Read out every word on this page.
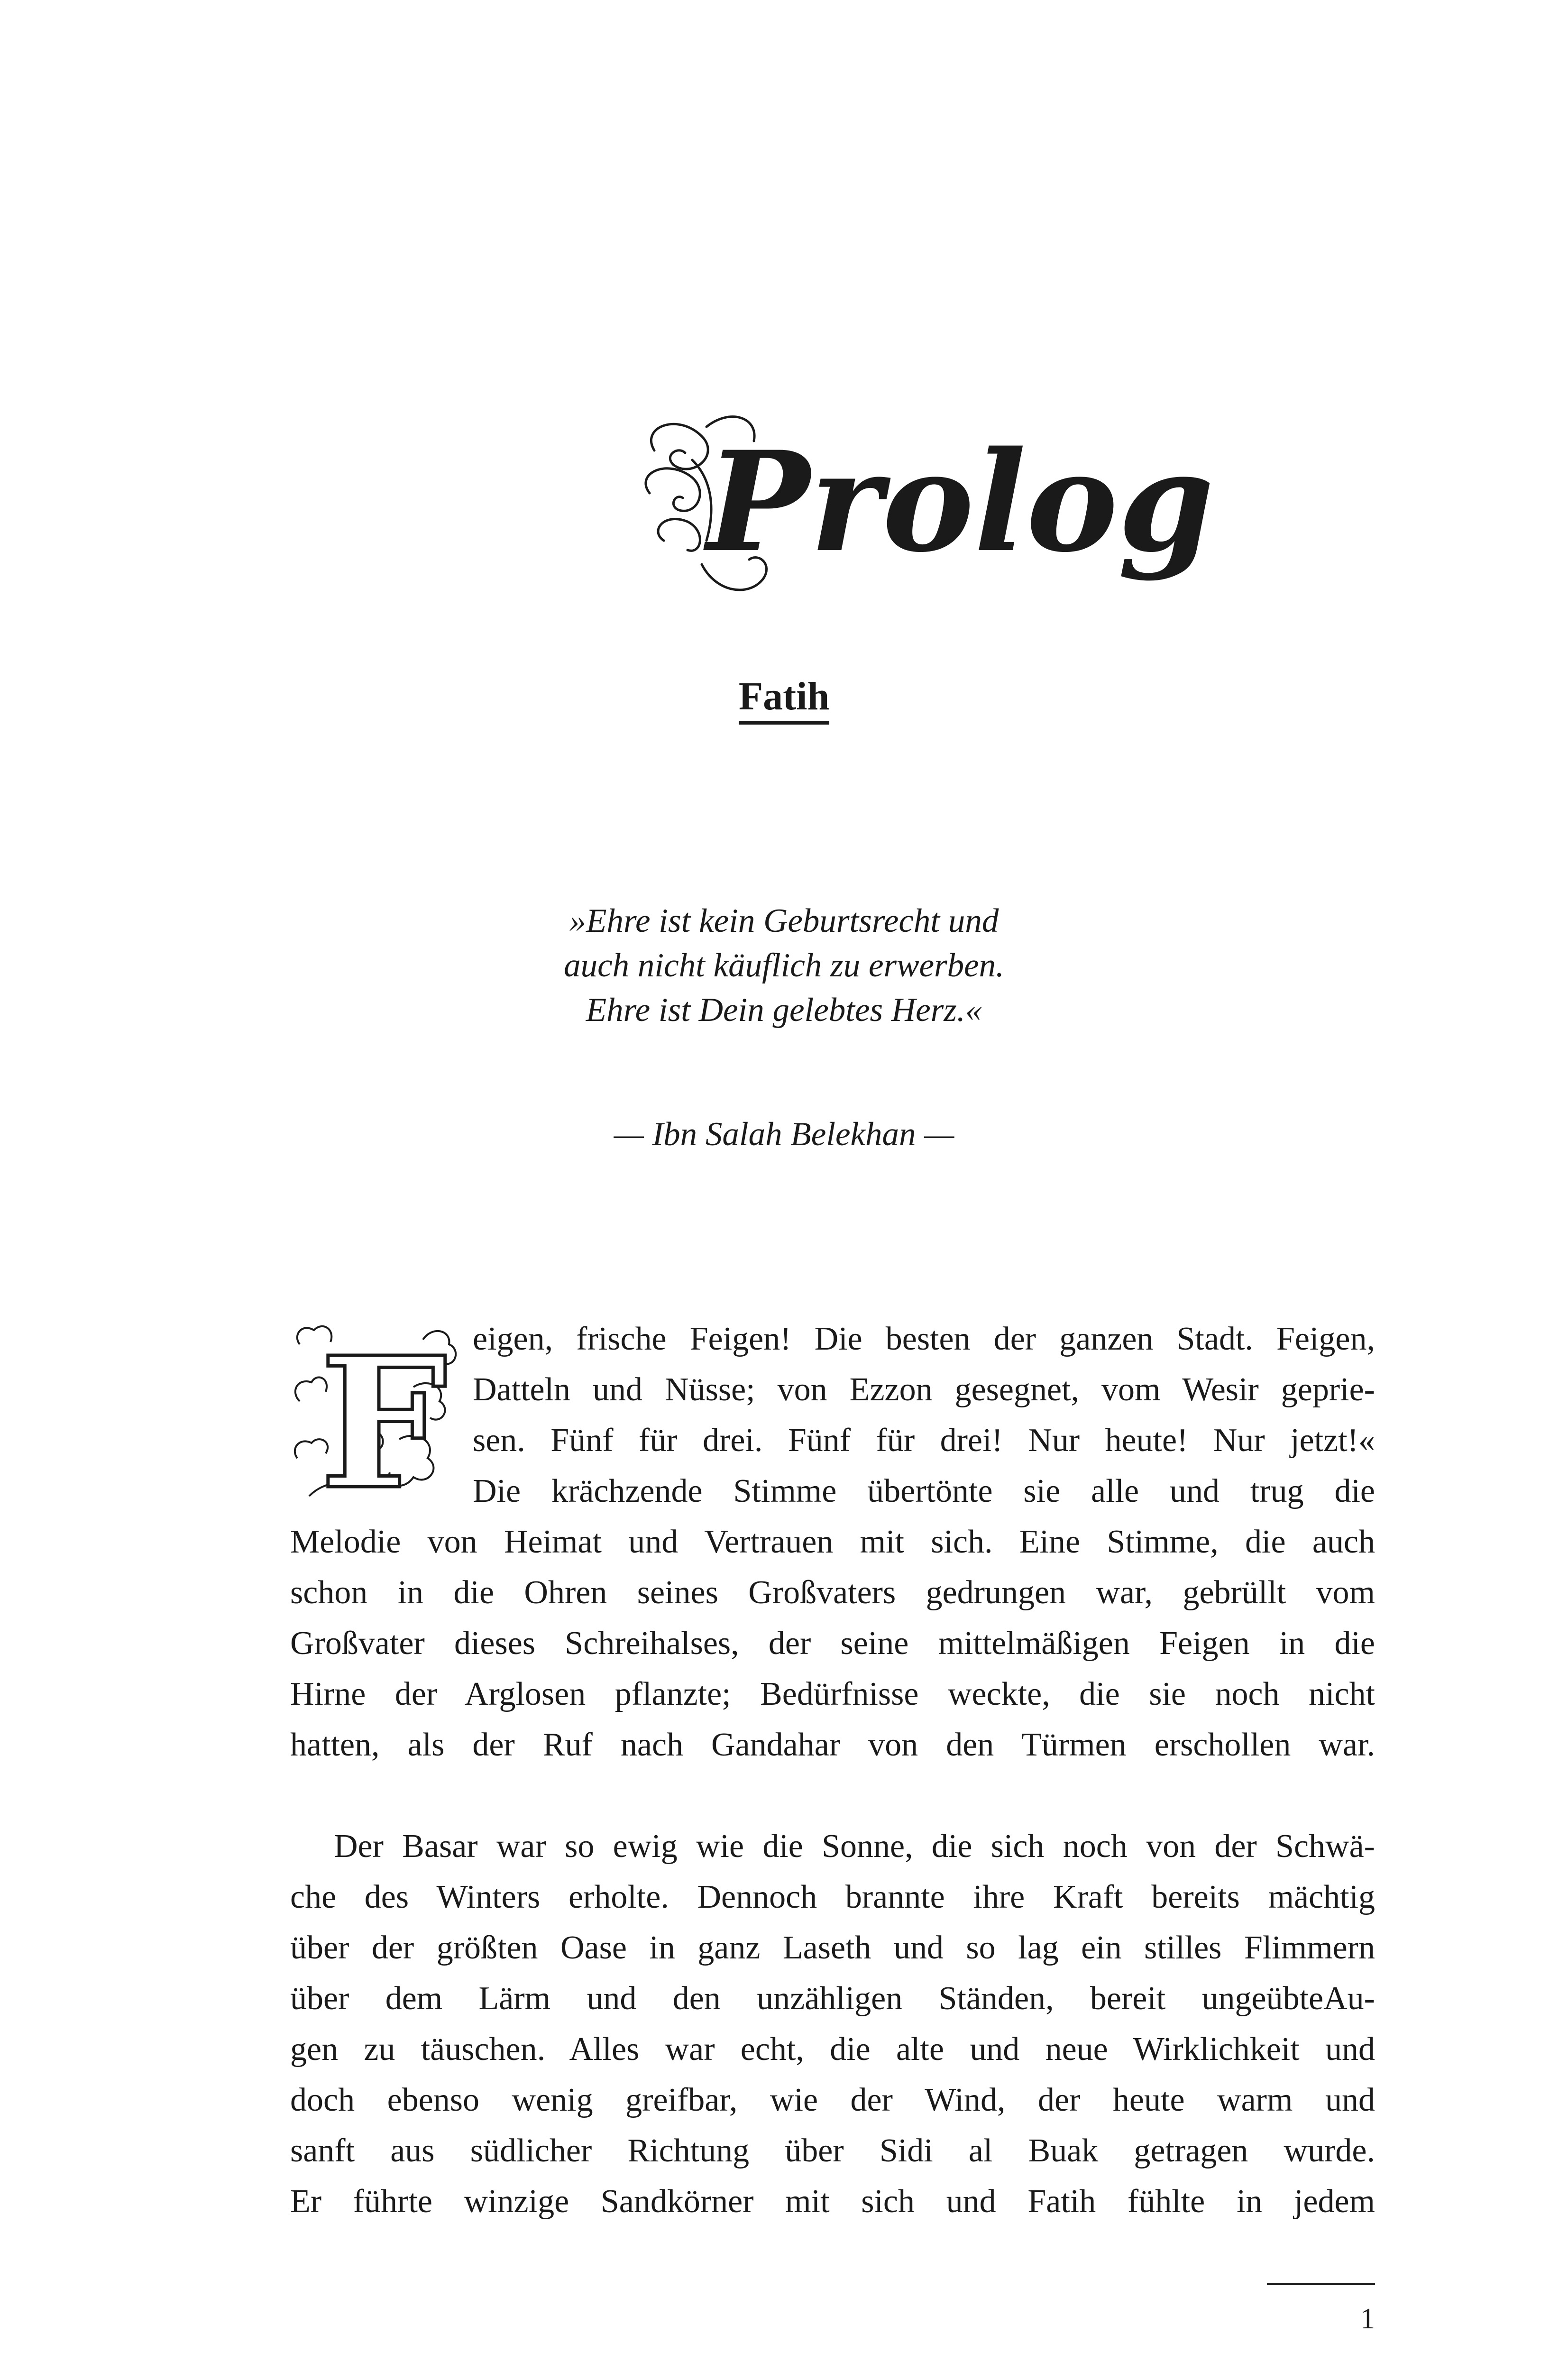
Prolog
Fatih
»Ehre ist kein Geburtsrecht und
auch nicht käuflich zu erwerben.
Ehre ist Dein gelebtes Herz.«
— Ibn Salah Belekhan —
F eigen, frische Feigen! Die besten der ganzen Stadt. Feigen,
Datteln und Nüsse; von Ezzon gesegnet, vom Wesir geprie-
sen. Fünf für drei. Fünf für drei! Nur heute! Nur jetzt!«
Die krächzende Stimme übertönte sie alle und trug die
Melodie von Heimat und Vertrauen mit sich. Eine Stimme, die auch
schon in die Ohren seines Großvaters gedrungen war, gebrüllt vom
Großvater dieses Schreihalses, der seine mittelmäßigen Feigen in die
Hirne der Arglosen pflanzte; Bedürfnisse weckte, die sie noch nicht
hatten, als der Ruf nach Gandahar von den Türmen erschollen war.
Der Basar war so ewig wie die Sonne, die sich noch von der Schwä-
che des Winters erholte. Dennoch brannte ihre Kraft bereits mächtig
über der größten Oase in ganz Laseth und so lag ein stilles Flimmern
über dem Lärm und den unzähligen Ständen, bereit ungeübteAu-
gen zu täuschen. Alles war echt, die alte und neue Wirklichkeit und
doch ebenso wenig greifbar, wie der Wind, der heute warm und
sanft aus südlicher Richtung über Sidi al Buak getragen wurde.
Er führte winzige Sandkörner mit sich und Fatih fühlte in jedem
1
